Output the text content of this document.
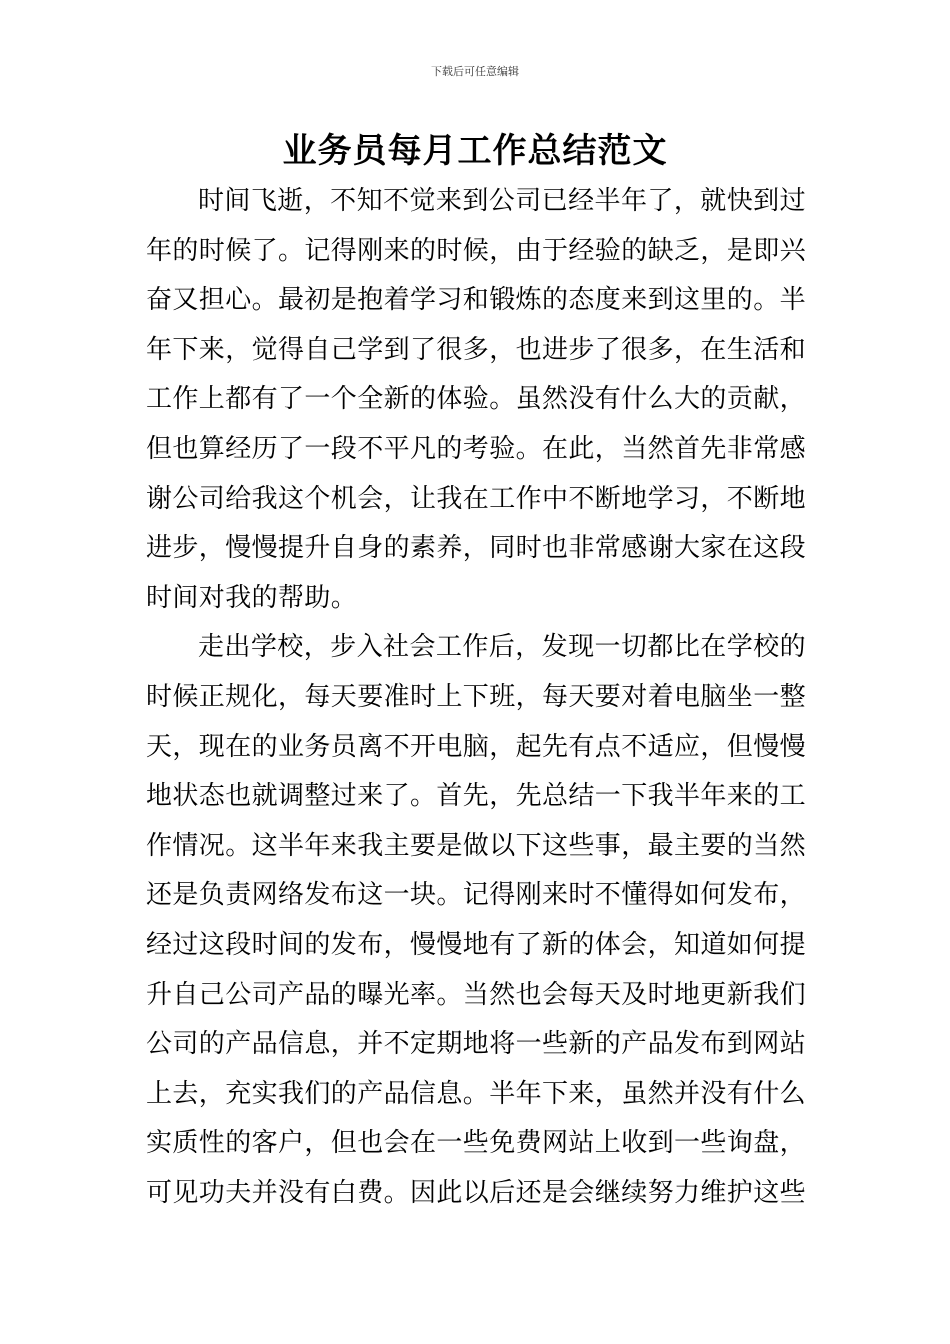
下载后可任意编辑
业务员每月工作总结范文

时间飞逝，不知不觉来到公司已经半年了，就快到过年的时候了。记得刚来的时候，由于经验的缺乏，是即兴奋又担心。最初是抱着学习和锻炼的态度来到这里的。半年下来，觉得自己学到了很多，也进步了很多，在生活和工作上都有了一个全新的体验。虽然没有什么大的贡献，但也算经历了一段不平凡的考验。在此，当然首先非常感谢公司给我这个机会，让我在工作中不断地学习，不断地进步，慢慢提升自身的素养，同时也非常感谢大家在这段时间对我的帮助。

走出学校，步入社会工作后，发现一切都比在学校的时候正规化，每天要准时上下班，每天要对着电脑坐一整天，现在的业务员离不开电脑，起先有点不适应，但慢慢地状态也就调整过来了。首先，先总结一下我半年来的工作情况。这半年来我主要是做以下这些事，最主要的当然还是负责网络发布这一块。记得刚来时不懂得如何发布，经过这段时间的发布，慢慢地有了新的体会，知道如何提升自己公司产品的曝光率。当然也会每天及时地更新我们公司的产品信息，并不定期地将一些新的产品发布到网站上去，充实我们的产品信息。半年下来，虽然并没有什么实质性的客户，但也会在一些免费网站上收到一些询盘，可见功夫并没有白费。因此以后还是会继续努力维护这些
